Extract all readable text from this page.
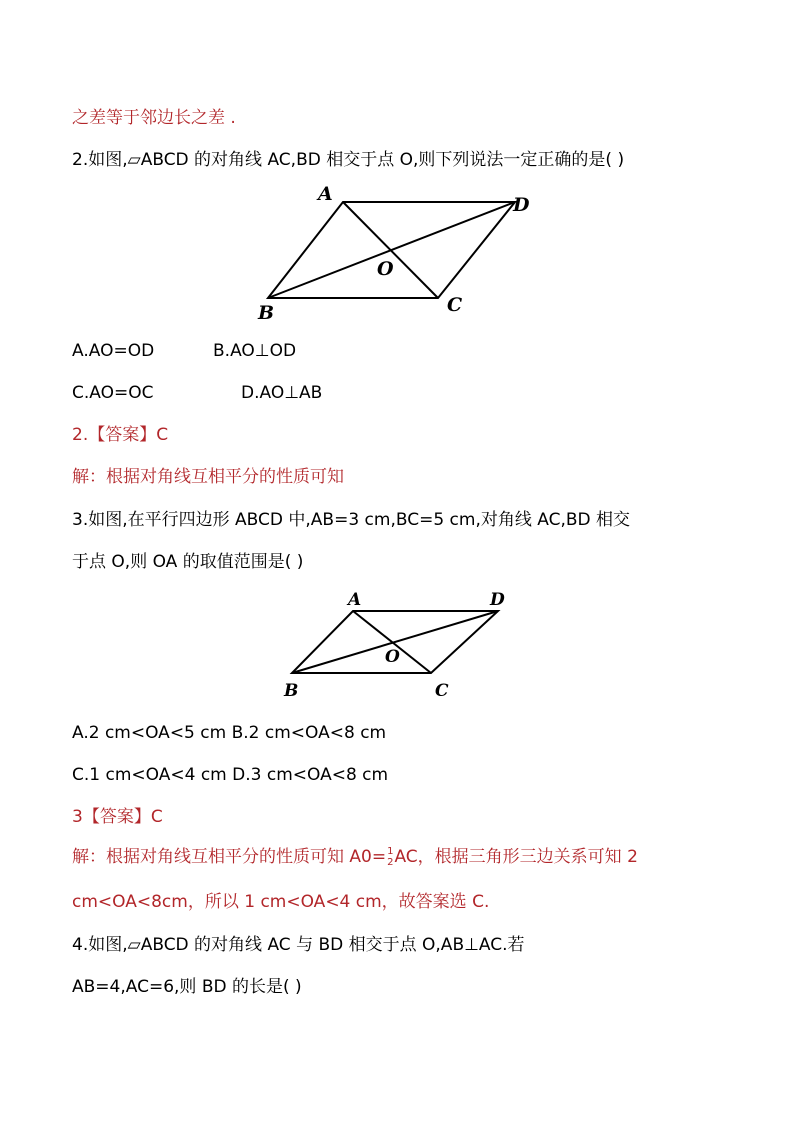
之差等于邻边长之差 .
2.如图,▱ABCD 的对角线 AC,BD 相交于点 O,则下列说法一定正确的是( )
A	D
O
B	C
A.AO=OD	B.AO⊥OD
C.AO=OC	D.AO⊥AB
2.【答案】C
解：根据对角线互相平分的性质可知
3.如图,在平行四边形 ABCD 中,AB=3 cm,BC=5 cm,对角线 AC,BD 相交
于点 O,则 OA 的取值范围是( )
A	D
O
B	C
A.2 cm<OA<5 cm B.2 cm<OA<8 cm
C.1 cm<OA<4 cm D.3 cm<OA<8 cm
3【答案】C
解：根据对角线互相平分的性质可知 A0= 1
2 AC，根据三角形三边关系可知 2
cm<OA<8cm，所以 1 cm<OA<4 cm，故答案选 C.
4.如图,▱ABCD 的对角线 AC 与 BD 相交于点 O,AB⊥AC.若
AB=4,AC=6,则 BD 的长是( )
